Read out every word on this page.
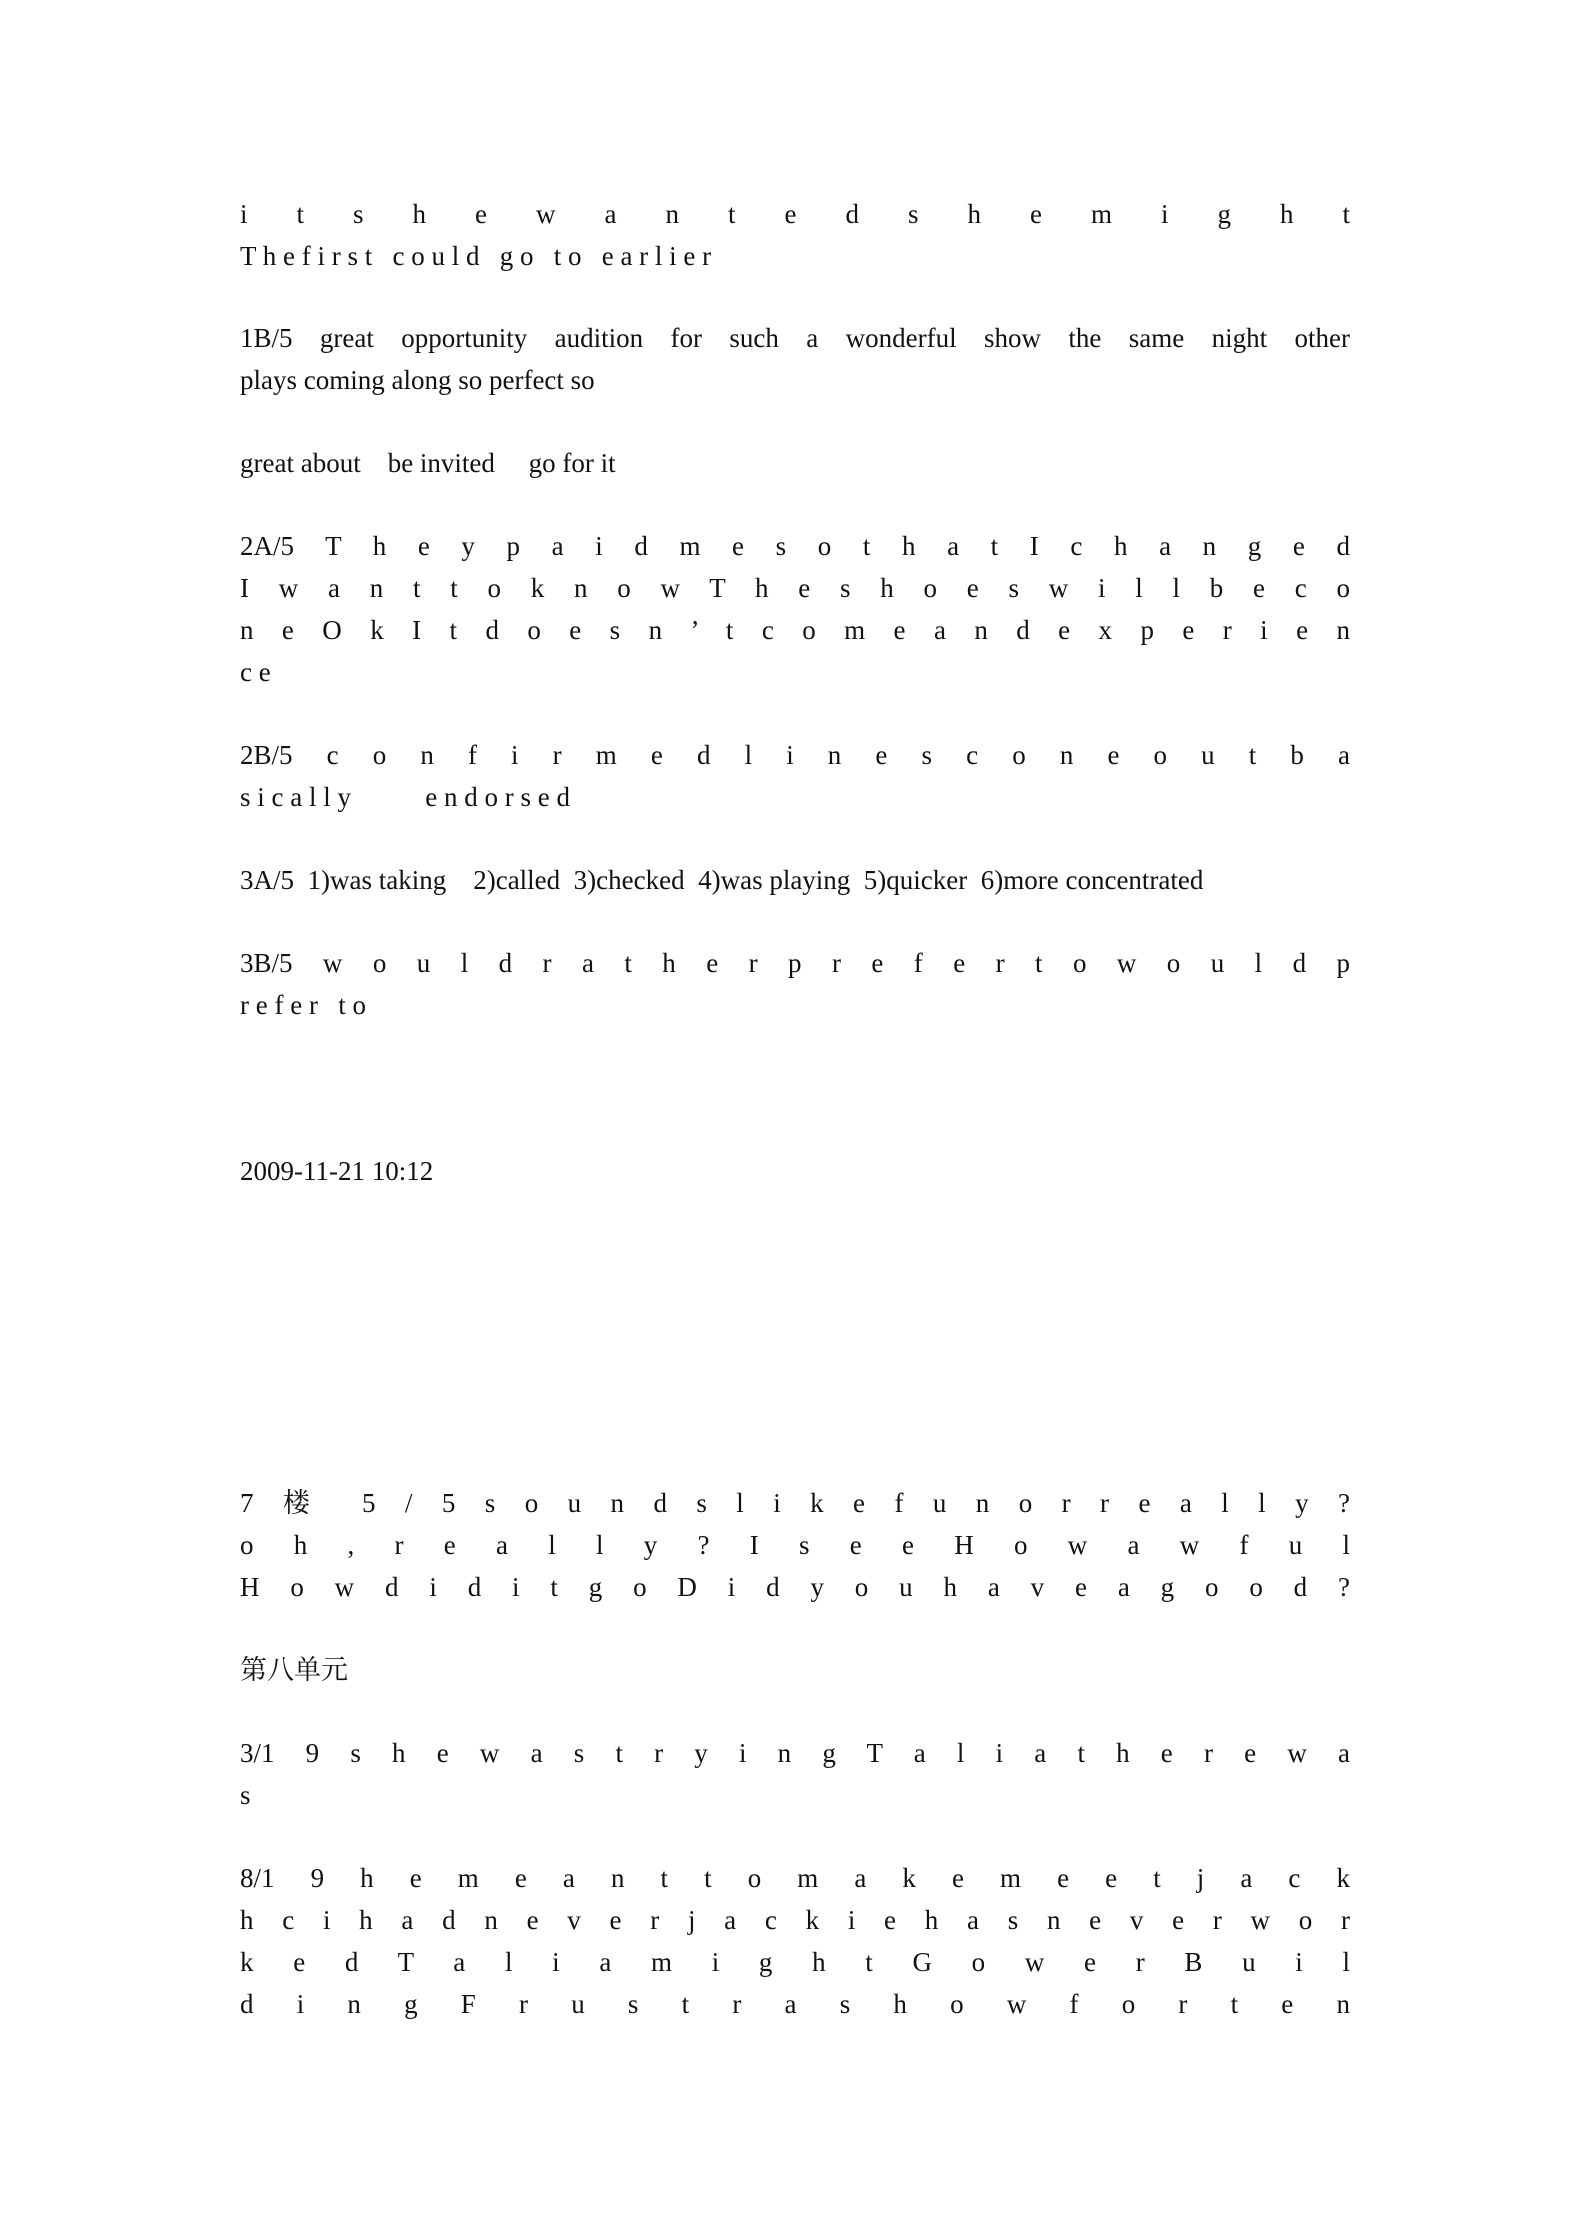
i t s h e w a n t e d s h e m i g h t

T h e f i r s t   c o u l d   g o   t o   e a r l i e r

1B/5 great opportunity audition for such a wonderful show the same night other

plays coming along so perfect so

great about    be invited     go for it

2A/5 T h e y p a i d m e s o t h a t I c h a n g e d

I w a n t t o k n o w T h e s h o e s w i l l b e c o

n e O k I t d o e s n ’ t c o m e a n d e x p e r i e n

c e

2B/5 c o n f i r m e d l i n e s c o n e o u t b a

s i c a l l y           e n d o r s e d

3A/5  1)was taking    2)called  3)checked  4)was playing  5)quicker  6)more concentrated

3B/5 w o u l d r a t h e r p r e f e r t o w o u l d p

r e f e r   t o

2009-11-21 10:12

7 楼 5 / 5 s o u n d s l i k e f u n o r r e a l l y ?

o h , r e a l l y ? I s e e H o w a w f u l

H o w d i d i t g o D i d y o u h a v e a g o o d ?

第八单元

3/1 9 s h e w a s t r y i n g T a l i a t h e r e w a

s

8/1 9 h e m e a n t t o m a k e m e e t j a c k

h c i h a d n e v e r j a c k i e h a s n e v e r w o r

k e d T a l i a m i g h t G o w e r B u i l

d i n g F r u s t r a s h o w f o r t e n
